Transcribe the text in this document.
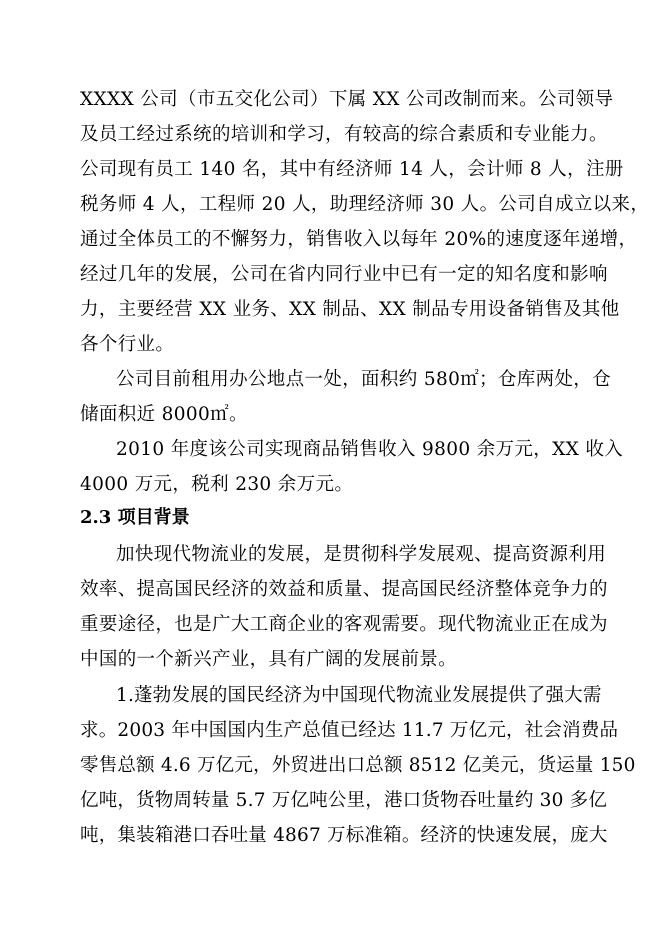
XXXX 公司（市五交化公司）下属 XX 公司改制而来。公司领导
及员工经过系统的培训和学习，有较高的综合素质和专业能力。
公司现有员工 140 名，其中有经济师 14 人，会计师 8 人，注册
税务师 4 人，工程师 20 人，助理经济师 30 人。公司自成立以来，
通过全体员工的不懈努力，销售收入以每年 20%的速度逐年递增，
经过几年的发展，公司在省内同行业中已有一定的知名度和影响
力，主要经营 XX 业务、XX 制品、XX 制品专用设备销售及其他
各个行业。
公司目前租用办公地点一处，面积约 580㎡；仓库两处，仓
储面积近 8000㎡。
2010 年度该公司实现商品销售收入 9800 余万元，XX 收入
4000 万元，税利 230 余万元。
2.3 项目背景
加快现代物流业的发展，是贯彻科学发展观、提高资源利用
效率、提高国民经济的效益和质量、提高国民经济整体竞争力的
重要途径，也是广大工商企业的客观需要。现代物流业正在成为
中国的一个新兴产业，具有广阔的发展前景。
1.蓬勃发展的国民经济为中国现代物流业发展提供了强大需
求。2003 年中国国内生产总值已经达 11.7 万亿元，社会消费品
零售总额 4.6 万亿元，外贸进出口总额 8512 亿美元，货运量 150
亿吨，货物周转量 5.7 万亿吨公里，港口货物吞吐量约 30 多亿
吨，集装箱港口吞吐量 4867 万标准箱。经济的快速发展，庞大
